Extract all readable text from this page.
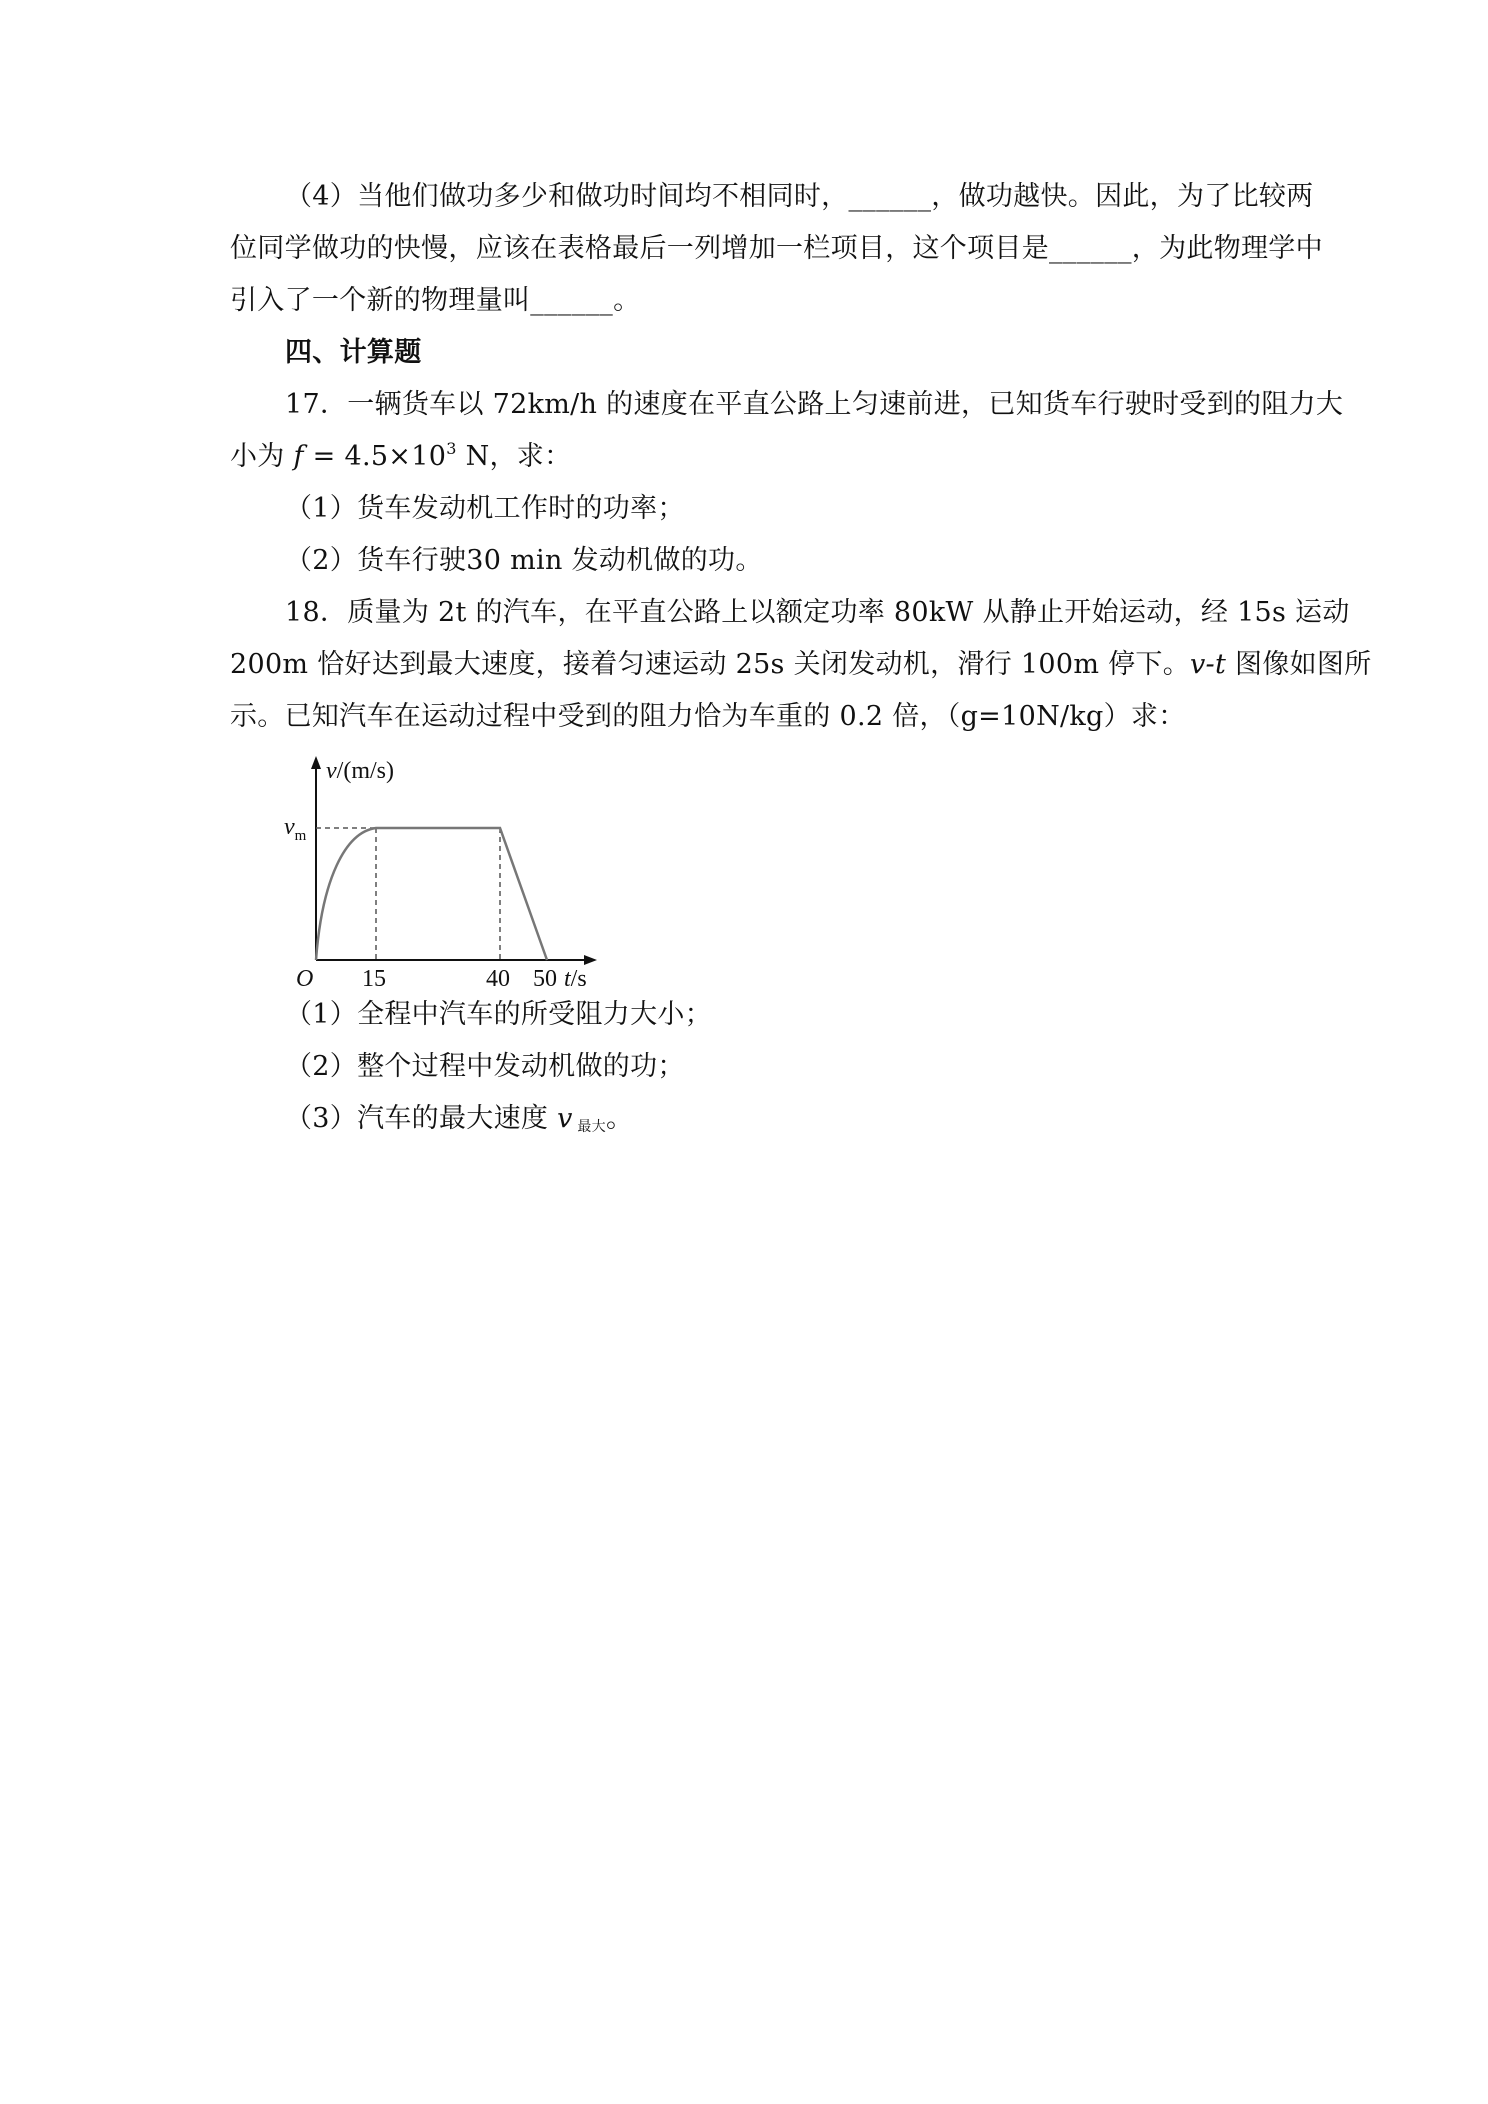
（4）当他们做功多少和做功时间均不相同时，______，做功越快。因此，为了比较两
位同学做功的快慢，应该在表格最后一列增加一栏项目，这个项目是______，为此物理学中
引入了一个新的物理量叫______。
四、计算题
17．一辆货车以 72km/h 的速度在平直公路上匀速前进，已知货车行驶时受到的阻力大
小为 $f = 4.5\times 10^3$ N，求：
（1）货车发动机工作时的功率；
（2）货车行驶30 min 发动机做的功。
18．质量为 2t 的汽车，在平直公路上以额定功率 80kW 从静止开始运动，经 15s 运动
200m 恰好达到最大速度，接着匀速运动 25s 关闭发动机，滑行 100m 停下。v-t 图像如图所
示。已知汽车在运动过程中受到的阻力恰为车重的 0.2 倍，（g=10N/kg）求：
v/(m/s)
$v_m$
O 15	40 50 t/s
（1）全程中汽车的所受阻力大小；
（2）整个过程中发动机做的功；
（3）汽车的最大速度 v 最大。
